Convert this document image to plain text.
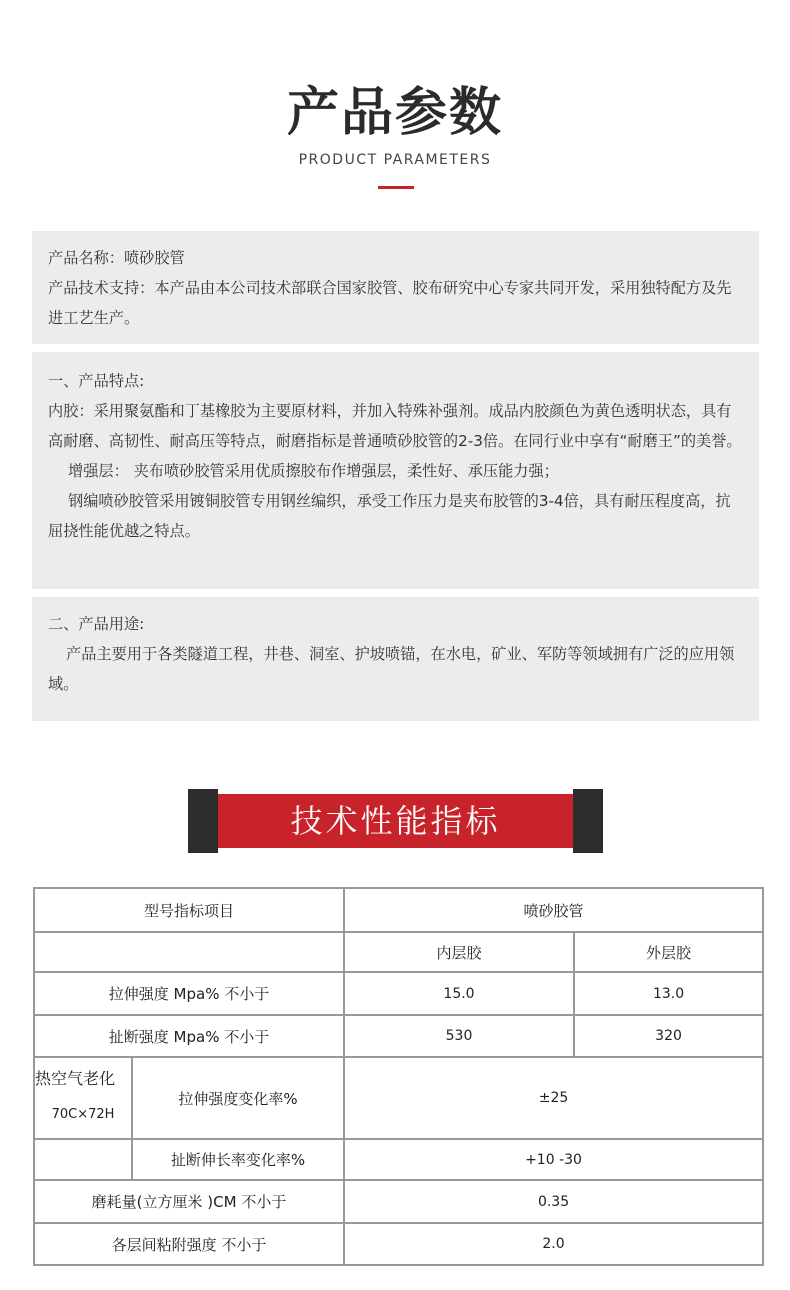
产品参数
PRODUCT PARAMETERS

产品名称：喷砂胶管

产品技术支持：本产品由本公司技术部联合国家胶管、胶布研究中心专家共同开发，采用独特配方及先进工艺生产。

一、产品特点:

内胶：采用聚氨酯和丁基橡胶为主要原材料，并加入特殊补强剂。成品内胶颜色为黄色透明状态，具有高耐磨、高韧性、耐高压等特点，耐磨指标是普通喷砂胶管的2-3倍。在同行业中享有“耐磨王”的美誉。

增强层： 夹布喷砂胶管采用优质擦胶布作增强层，柔性好、承压能力强；

钢编喷砂胶管采用镀铜胶管专用钢丝编织，承受工作压力是夹布胶管的3-4倍，具有耐压程度高，抗屈挠性能优越之特点。

二、产品用途:

产品主要用于各类隧道工程，井巷、洞室、护坡喷锚，在水电，矿业、军防等领域拥有广泛的应用领域。

技术性能指标
型号指标项目		喷砂胶管	
		内层胶	外层胶
拉伸强度 Mpa% 不小于		15.0	13.0
扯断强度 Mpa% 不小于		530	320

热空气老化
70C×72H	拉伸强度变化率%	±25	
	扯断伸长率变化率%	+10 -30	
磨耗量(立方厘米 )CM 不小于		0.35	
各层间粘附强度 不小于		2.0	
